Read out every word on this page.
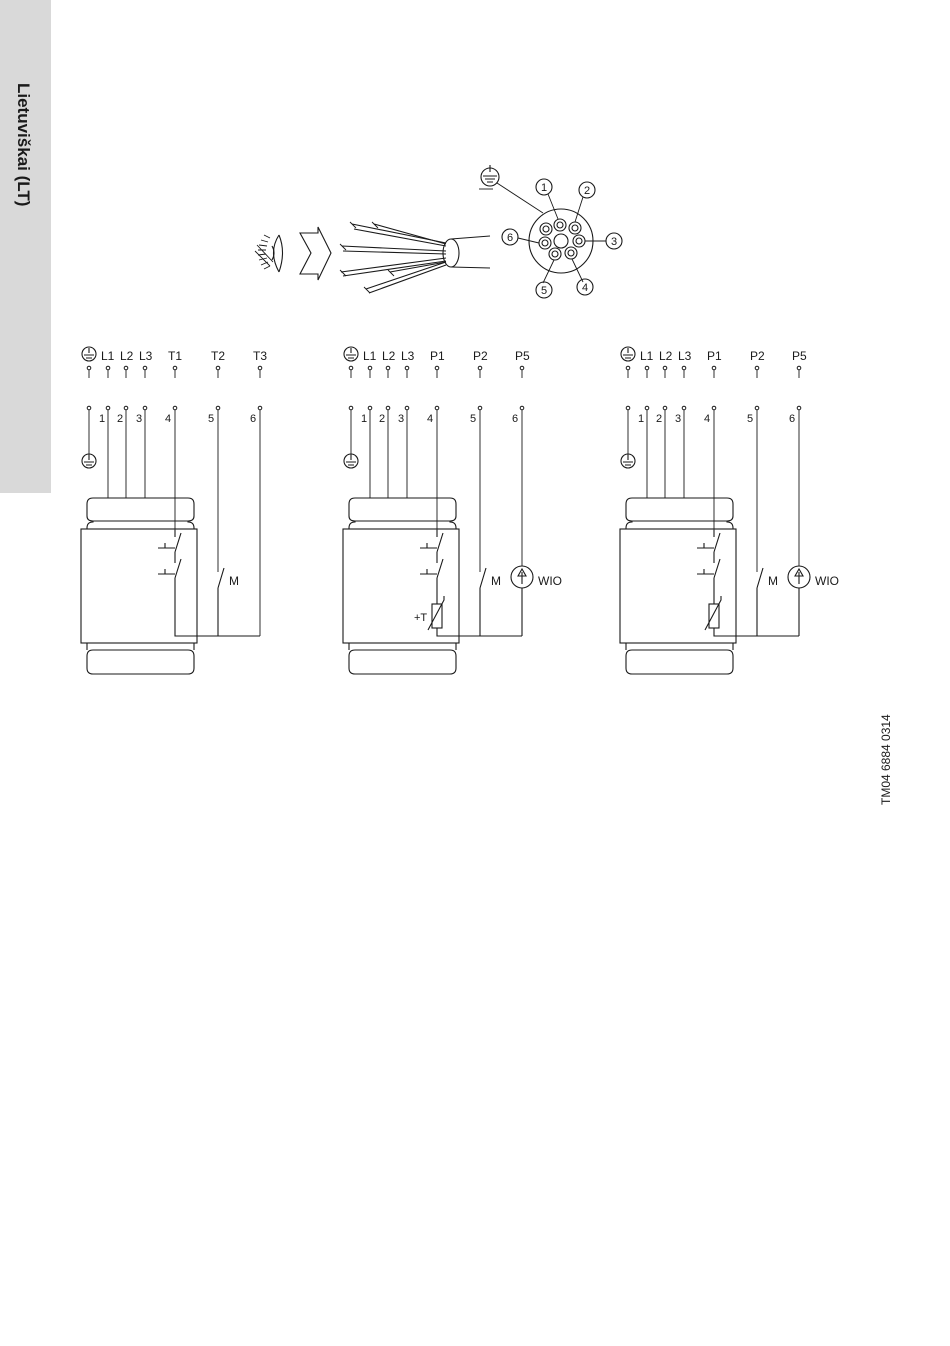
Lietuviškai (LT)	1	2
3
4
5
6
L1 L2 L3 T1 T2 T3
1 2 3 4	5	6
M
L1 L2 L3 P1 P2 P5
1 2 3 4	5	6
+T
M	WIO
L1 L2 L3 P1 P2 P5
1 2 3 4	5	6
M	WIO
TM04 6884 0314
